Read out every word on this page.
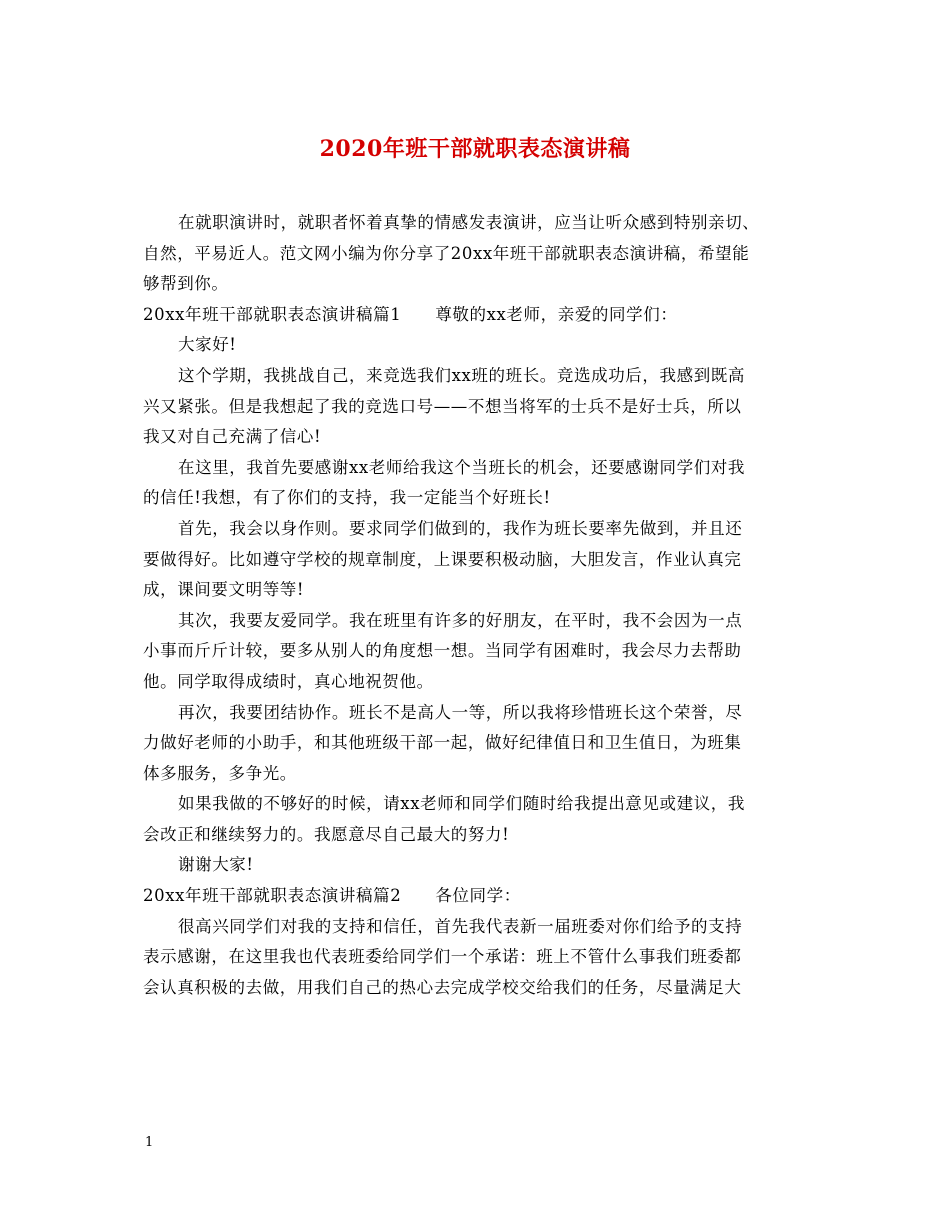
2020年班干部就职表态演讲稿
在就职演讲时，就职者怀着真挚的情感发表演讲，应当让听众感到特别亲切、
自然，平易近人。范文网小编为你分享了20xx年班干部就职表态演讲稿，希望能
够帮到你。
20xx年班干部就职表态演讲稿篇1 尊敬的xx老师，亲爱的同学们：
大家好!
这个学期，我挑战自己，来竞选我们xx班的班长。竞选成功后，我感到既高
兴又紧张。但是我想起了我的竞选口号——不想当将军的士兵不是好士兵，所以
我又对自己充满了信心!
在这里，我首先要感谢xx老师给我这个当班长的机会，还要感谢同学们对我
的信任!我想，有了你们的支持，我一定能当个好班长!
首先，我会以身作则。要求同学们做到的，我作为班长要率先做到，并且还
要做得好。比如遵守学校的规章制度，上课要积极动脑，大胆发言，作业认真完
成，课间要文明等等!
其次，我要友爱同学。我在班里有许多的好朋友，在平时，我不会因为一点
小事而斤斤计较，要多从别人的角度想一想。当同学有困难时，我会尽力去帮助
他。同学取得成绩时，真心地祝贺他。
再次，我要团结协作。班长不是高人一等，所以我将珍惜班长这个荣誉，尽
力做好老师的小助手，和其他班级干部一起，做好纪律值日和卫生值日，为班集
体多服务，多争光。
如果我做的不够好的时候，请xx老师和同学们随时给我提出意见或建议，我
会改正和继续努力的。我愿意尽自己最大的努力!
谢谢大家!
20xx年班干部就职表态演讲稿篇2 各位同学：
很高兴同学们对我的支持和信任，首先我代表新一届班委对你们给予的支持
表示感谢，在这里我也代表班委给同学们一个承诺：班上不管什么事我们班委都
会认真积极的去做，用我们自己的热心去完成学校交给我们的任务，尽量满足大
1
